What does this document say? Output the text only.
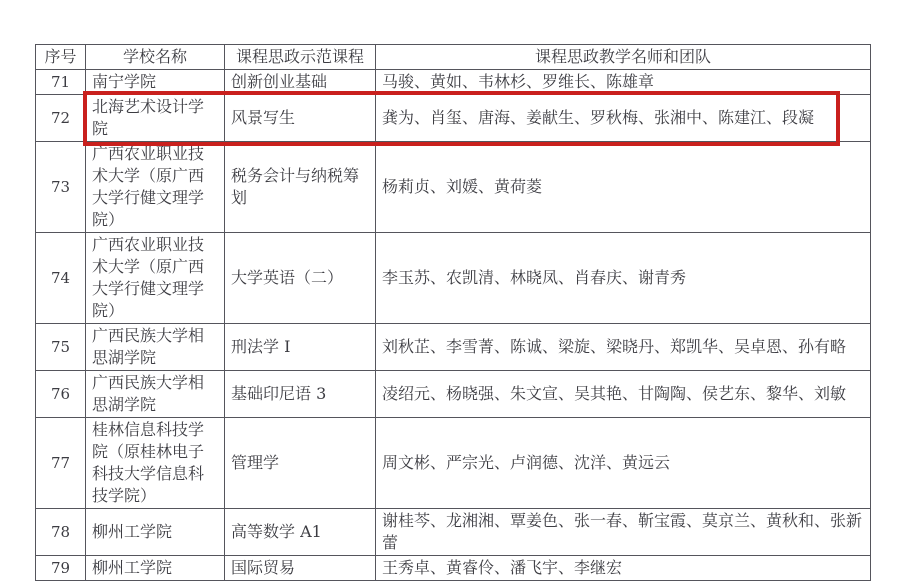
序号	学校名称	课程思政示范课程	课程思政教学名师和团队
71	南宁学院	创新创业基础	马骏、黄如、韦林杉、罗维长、陈雄章
72	北海艺术设计学院	风景写生	龚为、肖玺、唐海、姜献生、罗秋梅、张湘中、陈建江、段凝
73	广西农业职业技术大学（原广西大学行健文理学院）	税务会计与纳税筹划	杨莉贞、刘媛、黄荷菱
74	广西农业职业技术大学（原广西大学行健文理学院）	大学英语（二）	李玉苏、农凯清、林晓凤、肖春庆、谢青秀
75	广西民族大学相思湖学院	刑法学 I	刘秋芷、李雪菁、陈诚、梁旋、梁晓丹、郑凯华、吴卓恩、孙有略
76	广西民族大学相思湖学院	基础印尼语 3	凌绍元、杨晓强、朱文宣、吴其艳、甘陶陶、侯艺东、黎华、刘敏
77	桂林信息科技学院（原桂林电子科技大学信息科技学院）	管理学	周文彬、严宗光、卢润德、沈洋、黄远云
78	柳州工学院	高等数学 A1	谢桂芩、龙湘湘、覃姜色、张一春、靳宝霞、莫京兰、黄秋和、张新蕾
79	柳州工学院	国际贸易	王秀卓、黄睿伶、潘飞宇、李继宏
